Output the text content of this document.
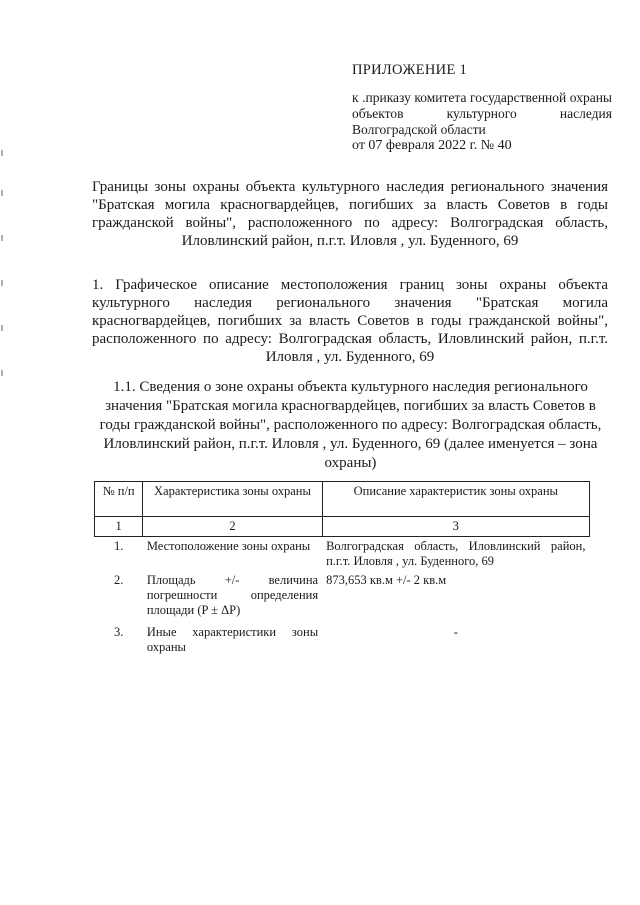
ПРИЛОЖЕНИЕ 1
к .приказу комитета государственной охраны объектов культурного наследия Волгоградской области
от 07 февраля 2022 г. № 40
Границы зоны охраны объекта культурного наследия регионального значения "Братская могила красногвардейцев, погибших за власть Советов в годы гражданской войны", расположенного по адресу: Волгоградская область, Иловлинский район, п.г.т. Иловля , ул. Буденного, 69
1. Графическое описание местоположения границ зоны охраны объекта культурного наследия регионального значения "Братская могила красногвардейцев, погибших за власть Советов в годы гражданской войны", расположенного по адресу: Волгоградская область, Иловлинский район, п.г.т. Иловля , ул. Буденного, 69
1.1. Сведения о зоне охраны объекта культурного наследия регионального значения "Братская могила красногвардейцев, погибших за власть Советов в годы гражданской войны", расположенного по адресу: Волгоградская область, Иловлинский район, п.г.т. Иловля , ул. Буденного, 69 (далее именуется – зона охраны)
№ п/п	Характеристика зоны охраны	Описание характеристик зоны охраны
1	2	3
1.	Местоположение зоны охраны	Волгоградская область, Иловлинский район, п.г.т. Иловля , ул. Буденного, 69
2.	Площадь +/- величина погрешности определения площади (P ± ΔP)	873,653 кв.м +/- 2 кв.м
3.	Иные характеристики зоны охраны	-
